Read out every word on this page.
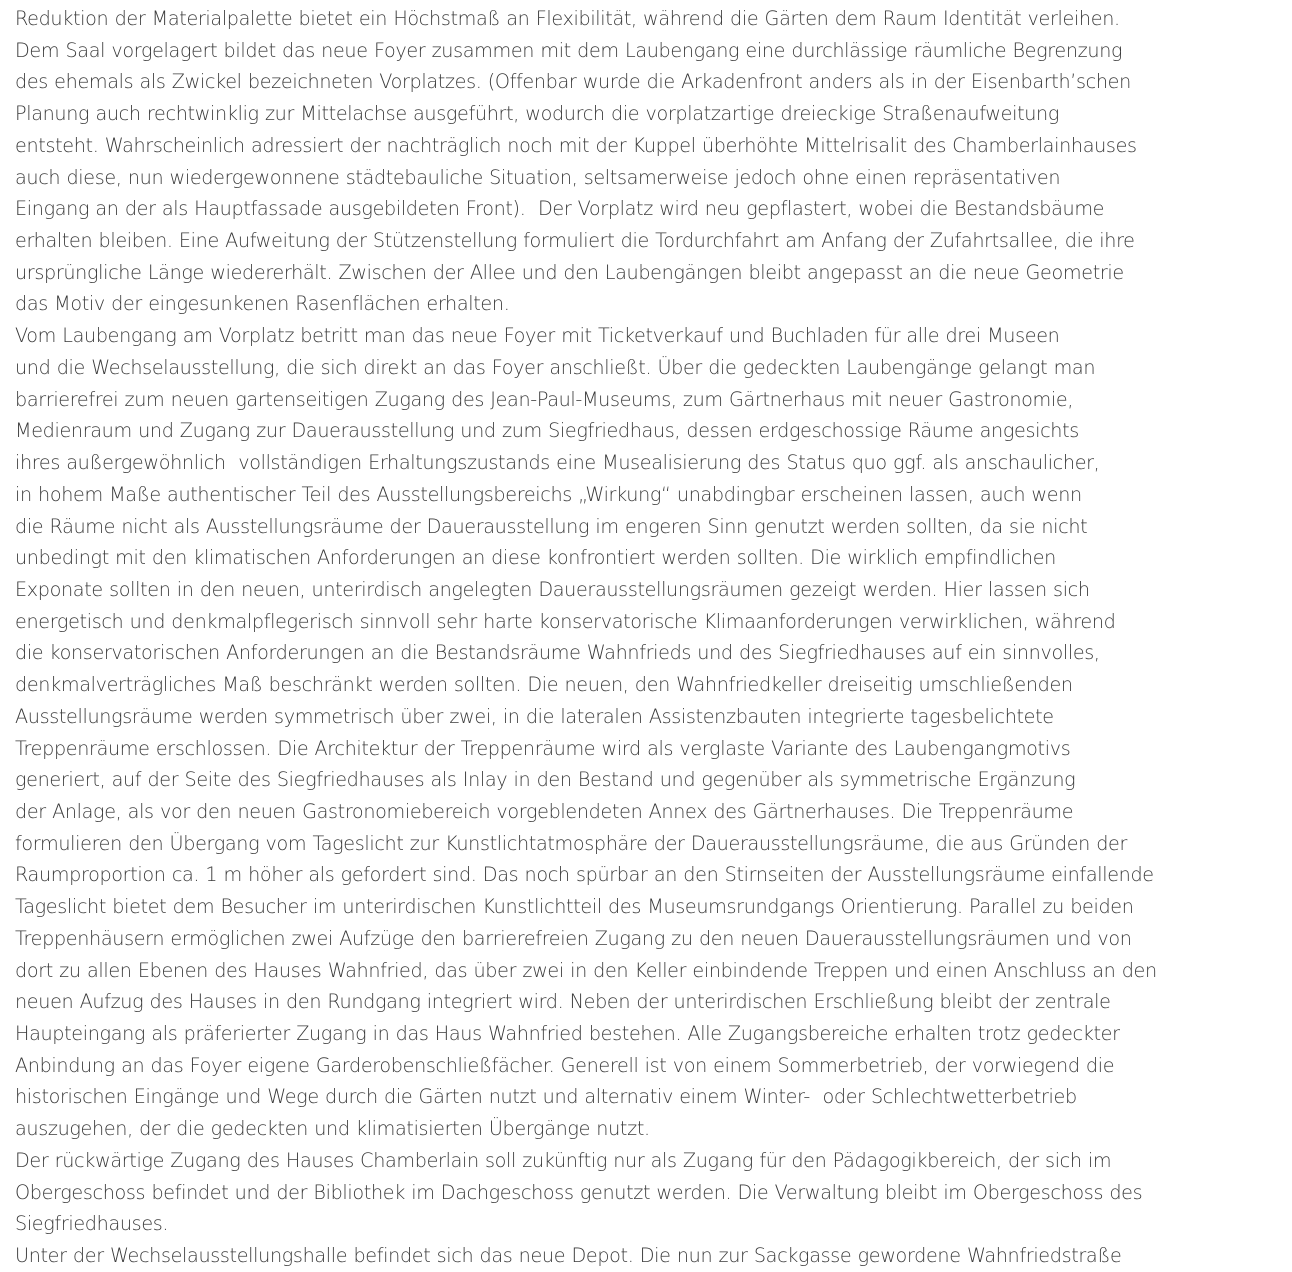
Reduktion der Materialpalette bietet ein Höchstmaß an Flexibilität, während die Gärten dem Raum Identität verleihen.
Dem Saal vorgelagert bildet das neue Foyer zusammen mit dem Laubengang eine durchlässige räumliche Begrenzung
des ehemals als Zwickel bezeichneten Vorplatzes. (Offenbar wurde die Arkadenfront anders als in der Eisenbarth’schen
Planung auch rechtwinklig zur Mittelachse ausgeführt, wodurch die vorplatzartige dreieckige Straßenaufweitung
entsteht. Wahrscheinlich adressiert der nachträglich noch mit der Kuppel überhöhte Mittelrisalit des Chamberlainhauses
auch diese, nun wiedergewonnene städtebauliche Situation, seltsamerweise jedoch ohne einen repräsentativen
Eingang an der als Hauptfassade ausgebildeten Front).  Der Vorplatz wird neu gepflastert, wobei die Bestandsbäume
erhalten bleiben. Eine Aufweitung der Stützenstellung formuliert die Tordurchfahrt am Anfang der Zufahrtsallee, die ihre
ursprüngliche Länge wiedererhält. Zwischen der Allee und den Laubengängen bleibt angepasst an die neue Geometrie
das Motiv der eingesunkenen Rasenflächen erhalten.
Vom Laubengang am Vorplatz betritt man das neue Foyer mit Ticketverkauf und Buchladen für alle drei Museen
und die Wechselausstellung, die sich direkt an das Foyer anschließt. Über die gedeckten Laubengänge gelangt man
barrierefrei zum neuen gartenseitigen Zugang des Jean-Paul-Museums, zum Gärtnerhaus mit neuer Gastronomie,
Medienraum und Zugang zur Dauerausstellung und zum Siegfriedhaus, dessen erdgeschossige Räume angesichts
ihres außergewöhnlich  vollständigen Erhaltungszustands eine Musealisierung des Status quo ggf. als anschaulicher,
in hohem Maße authentischer Teil des Ausstellungsbereichs „Wirkung“ unabdingbar erscheinen lassen, auch wenn
die Räume nicht als Ausstellungsräume der Dauerausstellung im engeren Sinn genutzt werden sollten, da sie nicht
unbedingt mit den klimatischen Anforderungen an diese konfrontiert werden sollten. Die wirklich empfindlichen
Exponate sollten in den neuen, unterirdisch angelegten Dauerausstellungsräumen gezeigt werden. Hier lassen sich
energetisch und denkmalpflegerisch sinnvoll sehr harte konservatorische Klimaanforderungen verwirklichen, während
die konservatorischen Anforderungen an die Bestandsräume Wahnfrieds und des Siegfriedhauses auf ein sinnvolles,
denkmalverträgliches Maß beschränkt werden sollten. Die neuen, den Wahnfriedkeller dreiseitig umschließenden
Ausstellungsräume werden symmetrisch über zwei, in die lateralen Assistenzbauten integrierte tagesbelichtete
Treppenräume erschlossen. Die Architektur der Treppenräume wird als verglaste Variante des Laubengangmotivs
generiert, auf der Seite des Siegfriedhauses als Inlay in den Bestand und gegenüber als symmetrische Ergänzung
der Anlage, als vor den neuen Gastronomiebereich vorgeblendeten Annex des Gärtnerhauses. Die Treppenräume
formulieren den Übergang vom Tageslicht zur Kunstlichtatmosphäre der Dauerausstellungsräume, die aus Gründen der
Raumproportion ca. 1 m höher als gefordert sind. Das noch spürbar an den Stirnseiten der Ausstellungsräume einfallende
Tageslicht bietet dem Besucher im unterirdischen Kunstlichtteil des Museumsrundgangs Orientierung. Parallel zu beiden
Treppenhäusern ermöglichen zwei Aufzüge den barrierefreien Zugang zu den neuen Dauerausstellungsräumen und von
dort zu allen Ebenen des Hauses Wahnfried, das über zwei in den Keller einbindende Treppen und einen Anschluss an den
neuen Aufzug des Hauses in den Rundgang integriert wird. Neben der unterirdischen Erschließung bleibt der zentrale
Haupteingang als präferierter Zugang in das Haus Wahnfried bestehen. Alle Zugangsbereiche erhalten trotz gedeckter
Anbindung an das Foyer eigene Garderobenschließfächer. Generell ist von einem Sommerbetrieb, der vorwiegend die
historischen Eingänge und Wege durch die Gärten nutzt und alternativ einem Winter-  oder Schlechtwetterbetrieb
auszugehen, der die gedeckten und klimatisierten Übergänge nutzt.
Der rückwärtige Zugang des Hauses Chamberlain soll zukünftig nur als Zugang für den Pädagogikbereich, der sich im
Obergeschoss befindet und der Bibliothek im Dachgeschoss genutzt werden. Die Verwaltung bleibt im Obergeschoss des
Siegfriedhauses.
Unter der Wechselausstellungshalle befindet sich das neue Depot. Die nun zur Sackgasse gewordene Wahnfriedstraße
